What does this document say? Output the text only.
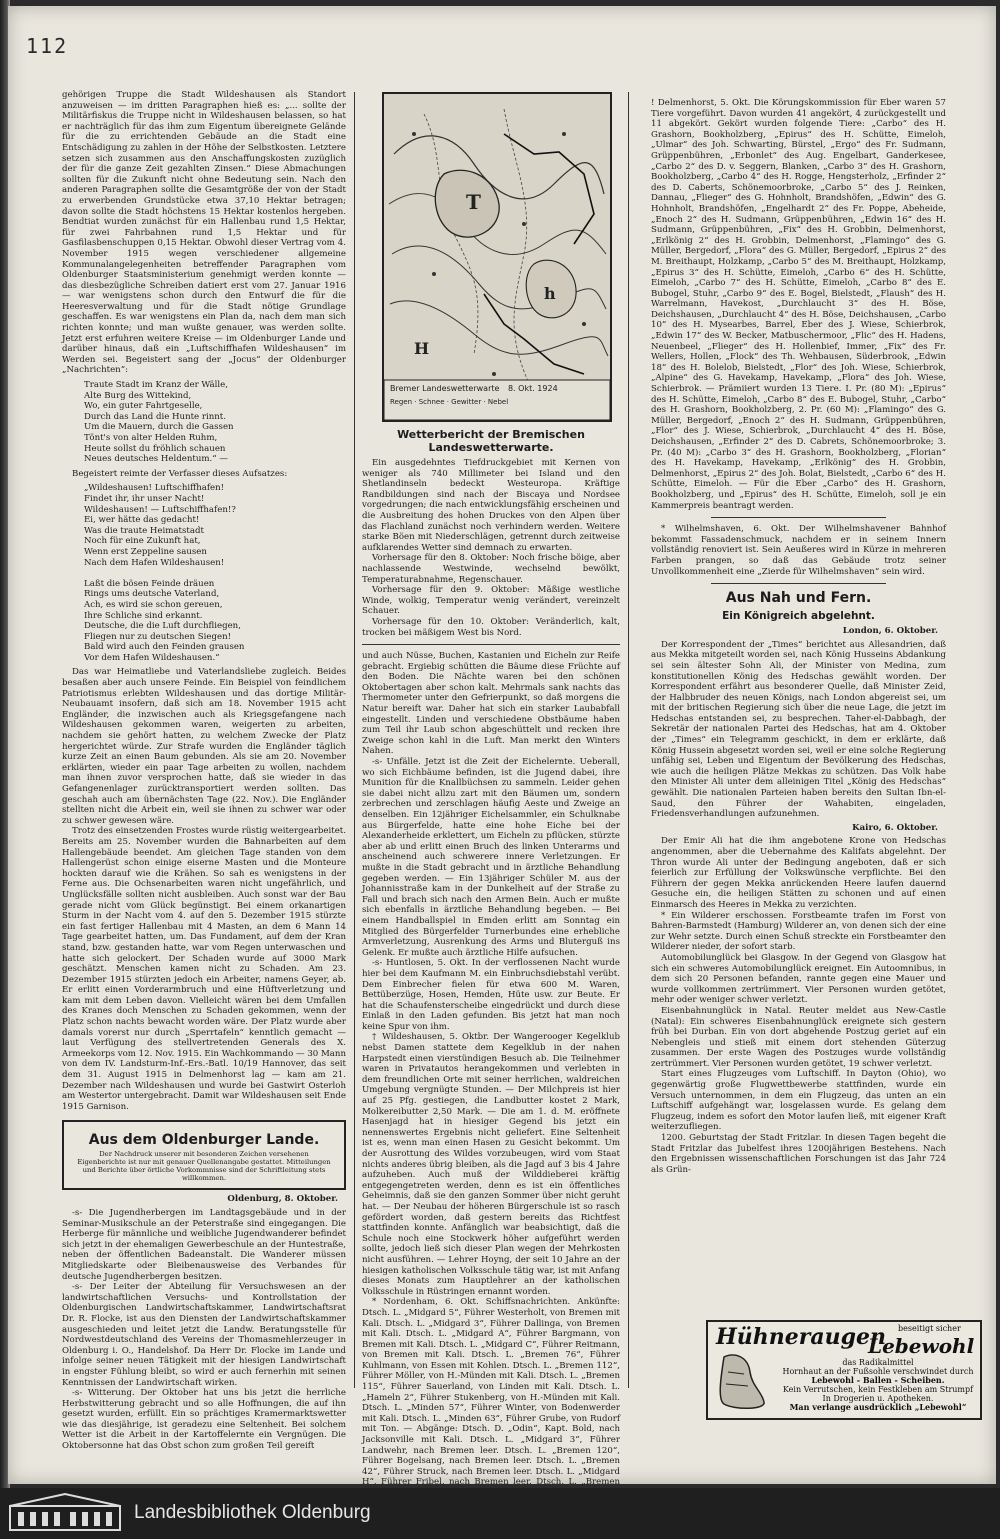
112

gehörigen Truppe die Stadt Wildeshausen als Standort anzuweisen — im dritten Paragraphen hieß es: „... sollte der Militärfiskus die Truppe nicht in Wildeshausen belassen, so hat er nachträglich für das ihm zum Eigentum übereignete Gelände für die zu errichtenden Gebäude an die Stadt eine Entschädigung zu zahlen in der Höhe der Selbstkosten. Letztere setzen sich zusammen aus den Anschaffungskosten zuzüglich der für die ganze Zeit gezahlten Zinsen.“ Diese Abmachungen sollten für die Zukunft nicht ohne Bedeutung sein. Nach den anderen Paragraphen sollte die Gesamtgröße der von der Stadt zu erwerbenden Grundstücke etwa 37,10 Hektar betragen; davon sollte die Stadt höchstens 15 Hektar kostenlos hergeben. Bendtiat wurden zunächst für ein Hallenbau rund 1,5 Hektar, für zwei Fahrbahnen rund 1,5 Hektar und für Gasfilasbenschuppen 0,15 Hektar. Obwohl dieser Vertrag vom 4. November 1915 wegen verschiedener allgemeine Kommunalangelegenheiten betreffender Paragraphen vom Oldenburger Staatsministerium genehmigt werden konnte — das diesbezügliche Schreiben datiert erst vom 27. Januar 1916 — war wenigstens schon durch den Entwurf die für die Heeresverwaltung und für die Stadt nötige Grundlage geschaffen. Es war wenigstens ein Plan da, nach dem man sich richten konnte; und man wußte genauer, was werden sollte. Jetzt erst erfuhren weitere Kreise — im Oldenburger Lande und darüber hinaus, daß ein „Luftschiffhafen Wildeshausen“ im Werden sei. Begeistert sang der „Jocus“ der Oldenburger „Nachrichten“:

Traute Stadt im Kranz der Wälle,
Alte Burg des Wittekind,
Wo, ein guter Fahrtgeselle,
Durch das Land die Hunte rinnt.
Um die Mauern, durch die Gassen
Tönt's von alter Helden Ruhm,
Heute sollst du fröhlich schauen
Neues deutsches Heldentum.“ —

Begeistert reimte der Verfasser dieses Aufsatzes:

„Wildeshausen! Luftschiffhafen!
Findet ihr, ihr unser Nacht!
Wildeshausen! — Luftschiffhafen!?
Ei, wer hätte das gedacht!
Was die traute Heimatstadt
Noch für eine Zukunft hat,
Wenn erst Zeppeline sausen
Nach dem Hafen Wildeshausen!

Laßt die bösen Feinde dräuen
Rings ums deutsche Vaterland,
Ach, es wird sie schon gereuen,
Ihre Schliche sind erkannt.
Deutsche, die die Luft durchfliegen,
Fliegen nur zu deutschen Siegen!
Bald wird auch den Feinden grausen
Vor dem Hafen Wildeshausen.“

Das war Heimatliebe und Vaterlandsliebe zugleich. Beides besaßen aber auch unsere Feinde. Ein Beispiel von feindlichem Patriotismus erlebten Wildeshausen und das dortige Militär-Neubauamt insofern, daß sich am 18. November 1915 acht Engländer, die inzwischen auch als Kriegsgefangene nach Wildeshausen gekommen waren, weigerten zu arbeiten, nachdem sie gehört hatten, zu welchem Zwecke der Platz hergerichtet würde. Zur Strafe wurden die Engländer täglich kurze Zeit an einen Baum gebunden. Als sie am 20. November erklärten, wieder ein paar Tage arbeiten zu wollen, nachdem man ihnen zuvor versprochen hatte, daß sie wieder in das Gefangenenlager zurücktransportiert werden sollten. Das geschah auch am übernächsten Tage (22. Nov.). Die Engländer stellten nicht die Arbeit ein, weil sie ihnen zu schwer war oder zu schwer gewesen wäre.

Trotz des einsetzenden Frostes wurde rüstig weitergearbeitet. Bereits am 25. November wurden die Bahnarbeiten auf dem Hallengebäude beendet. Am gleichen Tage standen von dem Hallengerüst schon einige eiserne Masten und die Monteure hockten darauf wie die Krähen. So sah es wenigstens in der Ferne aus. Die Ochsenarbeiten waren nicht ungefährlich, und Unglücksfälle sollten nicht ausbleiben. Auch sonst war der Bau gerade nicht vom Glück begünstigt. Bei einem orkanartigen Sturm in der Nacht vom 4. auf den 5. Dezember 1915 stürzte ein fast fertiger Hallenbau mit 4 Masten, an dem 6 Mann 14 Tage gearbeitet hatten, um. Das Fundament, auf dem der Kran stand, bzw. gestanden hatte, war vom Regen unterwaschen und hatte sich gelockert. Der Schaden wurde auf 3000 Mark geschätzt. Menschen kamen nicht zu Schaden. Am 23. Dezember 1915 stürzten jedoch ein Arbeiter, namens Geyer, ab. Er erlitt einen Vorderarmbruch und eine Hüftverletzung und kam mit dem Leben davon. Vielleicht wären bei dem Umfallen des Kranes doch Menschen zu Schaden gekommen, wenn der Platz schon nachts bewacht worden wäre. Der Platz wurde aber damals vorerst nur durch „Sperrtafeln“ kenntlich gemacht — laut Verfügung des stellvertretenden Generals des X. Armeekorps vom 12. Nov. 1915. Ein Wachkommando — 30 Mann von dem IV. Landsturm-Inf.-Ers.-Batl. 10/19 Hannover, das seit dem 31. August 1915 in Delmenhorst lag — kam am 21. Dezember nach Wildeshausen und wurde bei Gastwirt Osterloh am Westertor untergebracht. Damit war Wildeshausen seit Ende 1915 Garnison.

Aus dem Oldenburger Lande.
Der Nachdruck unserer mit besonderen Zeichen versehenen Eigenberichte ist nur mit genauer Quellenangabe gestattet. Mitteilungen und Berichte über örtliche Vorkommnisse sind der Schriftleitung stets willkommen.
Oldenburg, 8. Oktober.

-s- Die Jugendherbergen im Landtagsgebäude und in der Seminar-Musikschule an der Peterstraße sind eingegangen. Die Herberge für männliche und weibliche Jugendwanderer befindet sich jetzt in der ehemaligen Gewerbeschule an der Huntestraße, neben der öffentlichen Badeanstalt. Die Wanderer müssen Mitgliedskarte oder Bleibenausweise des Verbandes für deutsche Jugendherbergen besitzen.

-s- Der Leiter der Abteilung für Versuchswesen an der landwirtschaftlichen Versuchs- und Kontrollstation der Oldenburgischen Landwirtschaftskammer, Landwirtschaftsrat Dr. R. Flocke, ist aus den Diensten der Landwirtschaftskammer ausgeschieden und leitet jetzt die Landw. Beratungsstelle für Nordwestdeutschland des Vereins der Thomasmehlerzeuger in Oldenburg i. O., Handelshof. Da Herr Dr. Flocke im Lande und infolge seiner neuen Tätigkeit mit der hiesigen Landwirtschaft in engster Fühlung bleibt, so wird er auch fernerhin mit seinen Kenntnissen der Landwirtschaft wirken.

-s- Witterung. Der Oktober hat uns bis jetzt die herrliche Herbstwitterung gebracht und so alle Hoffnungen, die auf ihn gesetzt wurden, erfüllt. Ein so prächtiges Kramermarktswetter wie das diesjährige, ist geradezu eine Seltenheit. Bei solchem Wetter ist die Arbeit in der Kartoffelernte ein Vergnügen. Die Oktobersonne hat das Obst schon zum großen Teil gereift

T
h
H
Bremer Landeswetterwarte 8. Okt. 1924
Regen · Schnee · Gewitter · Nebel
Wetterbericht der Bremischen Landeswetterwarte.

Ein ausgedehntes Tiefdruckgebiet mit Kernen von weniger als 740 Millimeter bei Island und den Shetlandinseln bedeckt Westeuropa. Kräftige Randbildungen sind nach der Biscaya und Nordsee vorgedrungen; die nach entwicklungsfähig erscheinen und die Ausbreitung des hohen Druckes von den Alpen über das Flachland zunächst noch verhindern werden. Weitere starke Böen mit Niederschlägen, getrennt durch zeitweise aufklarendes Wetter sind demnach zu erwarten.

Vorhersage für den 8. Oktober: Noch frische böige, aber nachlassende Westwinde, wechselnd bewölkt, Temperaturabnahme, Regenschauer.

Vorhersage für den 9. Oktober: Mäßige westliche Winde, wolkig, Temperatur wenig verändert, vereinzelt Schauer.

Vorhersage für den 10. Oktober: Veränderlich, kalt, trocken bei mäßigem West bis Nord.

und auch Nüsse, Buchen, Kastanien und Eicheln zur Reife gebracht. Ergiebig schütten die Bäume diese Früchte auf den Boden. Die Nächte waren bei den schönen Oktobertagen aber schon kalt. Mehrmals sank nachts das Thermometer unter den Gefrierpunkt, so daß morgens die Natur bereift war. Daher hat sich ein starker Laubabfall eingestellt. Linden und verschiedene Obstbäume haben zum Teil ihr Laub schon abgeschüttelt und recken ihre Zweige schon kahl in die Luft. Man merkt den Winters Nahen.

-s- Unfälle. Jetzt ist die Zeit der Eichelernte. Ueberall, wo sich Eichbäume befinden, ist die Jugend dabei, ihre Munition für die Knallbüchsen zu sammeln. Leider gehen sie dabei nicht allzu zart mit den Bäumen um, sondern zerbrechen und zerschlagen häufig Aeste und Zweige an denselben. Ein 12jähriger Eichelsammler, ein Schulknabe aus Bürgerfelde, hatte eine hohe Eiche bei der Alexanderheide erklettert, um Eicheln zu pflücken, stürzte aber ab und erlitt einen Bruch des linken Unterarms und anscheinend auch schwerere innere Verletzungen. Er mußte in die Stadt gebracht und in ärztliche Behandlung gegeben werden. — Ein 13jähriger Schüler M. aus der Johannisstraße kam in der Dunkelheit auf der Straße zu Fall und brach sich nach den Armen Bein. Auch er mußte sich ebenfalls in ärztliche Behandlung begeben. — Bei einem Handballspiel in Emden erlitt am Sonntag ein Mitglied des Bürgerfelder Turnerbundes eine erhebliche Armverletzung, Ausrenkung des Arms und Bluterguß ins Gelenk. Er mußte auch ärztliche Hilfe aufsuchen.

-s- Huntlosen, 5. Okt. In der verflossenen Nacht wurde hier bei dem Kaufmann M. ein Einbruchsdiebstahl verübt. Dem Einbrecher fielen für etwa 600 M. Waren, Bettüberzüge, Hosen, Hemden, Hüte usw. zur Beute. Er hat die Schaufensterscheibe eingedrückt und durch diese Einlaß in den Laden gefunden. Bis jetzt hat man noch keine Spur von ihm.

† Wildeshausen, 5. Oktbr. Der Wangerooger Kegelklub nebst Damen stattete dem Kegelklub in der nahen Harpstedt einen vierstündigen Besuch ab. Die Teilnehmer waren in Privatautos herangekommen und verlebten in dem freundlichen Orte mit seiner herrlichen, waldreichen Umgebung vergnügte Stunden. — Der Milchpreis ist hier auf 25 Pfg. gestiegen, die Landbutter kostet 2 Mark, Molkereibutter 2,50 Mark. — Die am 1. d. M. eröffnete Hasenjagd hat in hiesiger Gegend bis jetzt ein nennenswertes Ergebnis nicht geliefert. Eine Seltenheit ist es, wenn man einen Hasen zu Gesicht bekommt. Um der Ausrottung des Wildes vorzubeugen, wird vom Staat nichts anderes übrig bleiben, als die Jagd auf 3 bis 4 Jahre aufzuheben. Auch muß der Wilddieberei kräftig entgegengetreten werden, denn es ist ein öffentliches Geheimnis, daß sie den ganzen Sommer über nicht geruht hat. — Der Neubau der höheren Bürgerschule ist so rasch gefördert worden, daß gestern bereits das Richtfest stattfinden konnte. Anfänglich war beabsichtigt, daß die Schule noch eine Stockwerk höher aufgeführt werden sollte, jedoch ließ sich dieser Plan wegen der Mehrkosten nicht ausführen. — Lehrer Hoyng, der seit 10 Jahre an der hiesigen katholischen Volksschule tätig war, ist mit Anfang dieses Monats zum Hauptlehrer an der katholischen Volksschule in Rüstringen ernannt worden.

* Nordenham, 6. Okt. Schiffsnachrichten. Ankünfte: Dtsch. L. „Midgard 5“, Führer Westerholt, von Bremen mit Kali. Dtsch. L. „Midgard 3“, Führer Dallinga, von Bremen mit Kali. Dtsch. L. „Midgard A“, Führer Bargmann, von Bremen mit Kali. Dtsch. L. „Midgard C“, Führer Reitmann, von Bremen mit Kali. Dtsch. L. „Bremen 76“, Führer Kuhlmann, von Essen mit Kohlen. Dtsch. L. „Bremen 112“, Führer Möller, von H.-Münden mit Kali. Dtsch. L. „Bremen 115“, Führer Sauerland, von Linden mit Kali. Dtsch. L. „Hameln 2“, Führer Stukenberg, von H.-Münden mit Kali. Dtsch. L. „Minden 57“, Führer Winter, von Bodenwerder mit Kali. Dtsch. L. „Minden 63“, Führer Grube, von Rudorf mit Ton. — Abgänge: Dtsch. D. „Odin“, Kapt. Bold, nach Jacksonville mit Kali. Dtsch. L. „Midgard 3“, Führer Landwehr, nach Bremen leer. Dtsch. L. „Bremen 120“, Führer Bogelsang, nach Bremen leer. Dtsch. L. „Bremen 42“, Führer Struck, nach Bremen leer. Dtsch. L. „Midgard H“, Führer Fribel, nach Bremen leer. Dtsch. L. „Bremen

! Delmenhorst, 5. Okt. Die Körungskommission für Eber waren 57 Tiere vorgeführt. Davon wurden 41 angekört, 4 zurückgestellt und 11 abgekört. Gekört wurden folgende Tiere: „Carbo“ des H. Grashorn, Bookholzberg, „Epirus“ des H. Schütte, Eimeloh, „Ulmar“ des Joh. Schwarting, Bürstel, „Ergo“ des Fr. Sudmann, Grüppenbühren, „Erbonlet“ des Aug. Engelbart, Ganderkesee, „Carbo 2“ des D. v. Seggern, Blanken, „Carbo 3“ des H. Grashorn, Bookholzberg, „Carbo 4“ des H. Rogge, Hengsterholz, „Erfinder 2“ des D. Caberts, Schönemoorbroke, „Carbo 5“ des J. Reinken, Dannau, „Flieger“ des G. Hohnholt, Brandshöfen, „Edwin“ des G. Hohnholt, Brandshöfen, „Engelhardt 2“ des Fr. Poppe, Abeheide, „Enoch 2“ des H. Sudmann, Grüppenbühren, „Edwin 16“ des H. Sudmann, Grüppenbühren, „Fix“ des H. Grobbin, Delmenhorst, „Erlkönig 2“ des H. Grobbin, Delmenhorst, „Flamingo“ des G. Müller, Bergedorf, „Flora“ des G. Müller, Bergedorf, „Epirus 2“ des M. Breithaupt, Holzkamp, „Carbo 5“ des M. Breithaupt, Holzkamp, „Epirus 3“ des H. Schütte, Eimeloh, „Carbo 6“ des H. Schütte, Eimeloh, „Carbo 7“ des H. Schütte, Eimeloh, „Carbo 8“ des E. Bubogel, Stuhr, „Carbo 9“ des E. Bogel, Bielstedt, „Flaush“ des H. Warrelmann, Havekost, „Durchlaucht 3“ des H. Böse, Deichshausen, „Durchlaucht 4“ des H. Böse, Deichshausen, „Carbo 10“ des H. Mysearbes, Barrel, Eber des J. Wiese, Schierbrok, „Edwin 17“ des W. Becker, Matbuschermoor, „Flic“ des H. Hadens, Neuenbeel, „Flieger“ des H. Hollenbief, Immer, „Fix“ des Fr. Wellers, Hollen, „Flock“ des Th. Wehbausen, Süderbrook, „Edwin 18“ des H. Bolelob, Bielstedt, „Flor“ des Joh. Wiese, Schierbrok, „Alpine“ des G. Havekamp, Havekamp, „Flora“ des Joh. Wiese, Schierbrok. — Prämiiert wurden 13 Tiere. I. Pr. (80 M): „Epirus“ des H. Schütte, Eimeloh, „Carbo 8“ des E. Bubogel, Stuhr, „Carbo“ des H. Grashorn, Bookholzberg, 2. Pr. (60 M): „Flamingo“ des G. Müller, Bergedorf, „Enoch 2“ des H. Sudmann, Grüppenbühren, „Flor“ des J. Wiese, Schierbrok, „Durchlaucht 4“ des H. Böse, Deichshausen, „Erfinder 2“ des D. Cabrets, Schönemoorbroke; 3. Pr. (40 M): „Carbo 3“ des H. Grashorn, Bookholzberg, „Florian“ des H. Havekamp, Havekamp, „Erlkönig“ des H. Grobbin, Delmenhorst, „Epirus 2“ des Joh. Bolat, Bielstedt, „Carbo 6“ des H. Schütte, Eimeloh. — Für die Eber „Carbo“ des H. Grashorn, Bookholzberg, und „Epirus“ des H. Schütte, Eimeloh, soll je ein Kammerpreis beantragt werden.

* Wilhelmshaven, 6. Okt. Der Wilhelmshavener Bahnhof bekommt Fassadenschmuck, nachdem er in seinem Innern vollständig renoviert ist. Sein Aeußeres wird in Kürze in mehreren Farben prangen, so daß das Gebäude trotz seiner Unvollkommenheit eine „Zierde für Wilhelmshaven“ sein wird.

Aus Nah und Fern.
Ein Königreich abgelehnt.
London, 6. Oktober.

Der Korrespondent der „Times“ berichtet aus Allesandrien, daß aus Mekka mitgeteilt worden sei, nach König Husseins Abdankung sei sein ältester Sohn Ali, der Minister von Medina, zum konstitutionellen König des Hedschas gewählt worden. Der Korrespondent erfährt aus besonderer Quelle, daß Minister Zeid, der Halbbruder des neuen Königs, nach London abgereist sei, um mit der britischen Regierung sich über die neue Lage, die jetzt im Hedschas entstanden sei, zu besprechen. Taher-el-Dabbagh, der Sekretär der nationalen Partei des Hedschas, hat am 4. Oktober der „Times“ ein Telegramm geschickt, in dem er erklärte, daß König Hussein abgesetzt worden sei, weil er eine solche Regierung unfähig sei, Leben und Eigentum der Bevölkerung des Hedschas, wie auch die heiligen Plätze Mekkas zu schützen. Das Volk habe den Minister Ali unter dem alleinigen Titel „König des Hedschas“ gewählt. Die nationalen Parteien haben bereits den Sultan Ibn-el-Saud, den Führer der Wahabiten, eingeladen, Friedensverhandlungen aufzunehmen.

Kairo, 6. Oktober.

Der Emir Ali hat die ihm angebotene Krone von Hedschas angenommen, aber die Uebernahme des Kalifats abgelehnt. Der Thron wurde Ali unter der Bedingung angeboten, daß er sich feierlich zur Erfüllung der Volkswünsche verpflichte. Bei den Führern der gegen Mekka anrückenden Heere laufen dauernd Gesuche ein, die heiligen Stätten zu schonen und auf einen Einmarsch des Heeres in Mekka zu verzichten.

* Ein Wilderer erschossen. Forstbeamte trafen im Forst von Bahren-Barmstedt (Hamburg) Wilderer an, von denen sich der eine zur Wehr setzte. Durch einen Schuß streckte ein Forstbeamter den Wilderer nieder, der sofort starb.

Automobilunglück bei Glasgow. In der Gegend von Glasgow hat sich ein schweres Automobilunglück ereignet. Ein Autoomnibus, in dem sich 20 Personen befanden, rannte gegen eine Mauer und wurde vollkommen zertrümmert. Vier Personen wurden getötet, mehr oder weniger schwer verletzt.

Eisenbahnunglück in Natal. Reuter meldet aus New-Castle (Natal): Ein schweres Eisenbahnunglück ereignete sich gestern früh bei Durban. Ein von dort abgehende Postzug geriet auf ein Nebengleis und stieß mit einem dort stehenden Güterzug zusammen. Der erste Wagen des Postzuges wurde vollständig zertrümmert. Vier Personen wurden getötet, 19 schwer verletzt.

Start eines Flugzeuges vom Luftschiff. In Dayton (Ohio), wo gegenwärtig große Flugwettbewerbe stattfinden, wurde ein Versuch unternommen, in dem ein Flugzeug, das unten an ein Luftschiff aufgehängt war, losgelassen wurde. Es gelang dem Flugzeug, indem es sofort den Motor laufen ließ, mit eigener Kraft weiterzufliegen.

1200. Geburtstag der Stadt Fritzlar. In diesen Tagen begeht die Stadt Fritzlar das Jubelfest ihres 1200jährigen Bestehens. Nach den Ergebnissen wissenschaftlichen Forschungen ist das Jahr 724 als Grün-

Hühneraugen beseitigt sicher
Lebewohl
das Radikalmittel
Hornhaut an der Fußsohle verschwindet durch
Lebewohl - Ballen - Scheiben.
Kein Verrutschen, kein Festkleben am Strumpf
In Drogerien u. Apotheken.
Man verlange ausdrücklich „Lebewohl“
Landesbibliothek Oldenburg
